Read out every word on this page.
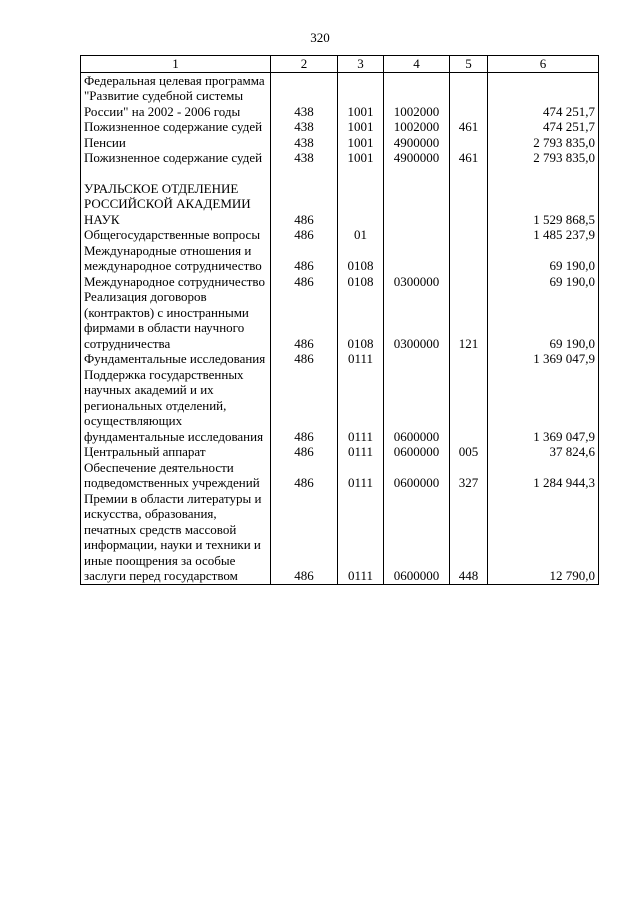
320
1	2	3	4	5	6
Федеральная целевая программа "Развитие судебной системы России" на 2002 - 2006 годы	438	1001	1002000		474 251,7
Пожизненное содержание судей	438	1001	1002000	461	474 251,7
Пенсии	438	1001	4900000		2 793 835,0
Пожизненное содержание судей	438	1001	4900000	461	2 793 835,0

УРАЛЬСКОЕ ОТДЕЛЕНИЕ РОССИЙСКОЙ АКАДЕМИИ НАУК	486				1 529 868,5
Общегосударственные вопросы	486	01			1 485 237,9
Международные отношения и международное сотрудничество	486	0108			69 190,0
Международное сотрудничество	486	0108	0300000		69 190,0
Реализация договоров (контрактов) с иностранными фирмами в области научного сотрудничества	486	0108	0300000	121	69 190,0
Фундаментальные исследования	486	0111			1 369 047,9
Поддержка государственных научных академий и их региональных отделений, осуществляющих фундаментальные исследования	486	0111	0600000		1 369 047,9
Центральный аппарат	486	0111	0600000	005	37 824,6
Обеспечение деятельности подведомственных учреждений	486	0111	0600000	327	1 284 944,3
Премии в области литературы и искусства, образования, печатных средств массовой информации, науки и техники и иные поощрения за особые заслуги перед государством	486	0111	0600000	448	12 790,0
